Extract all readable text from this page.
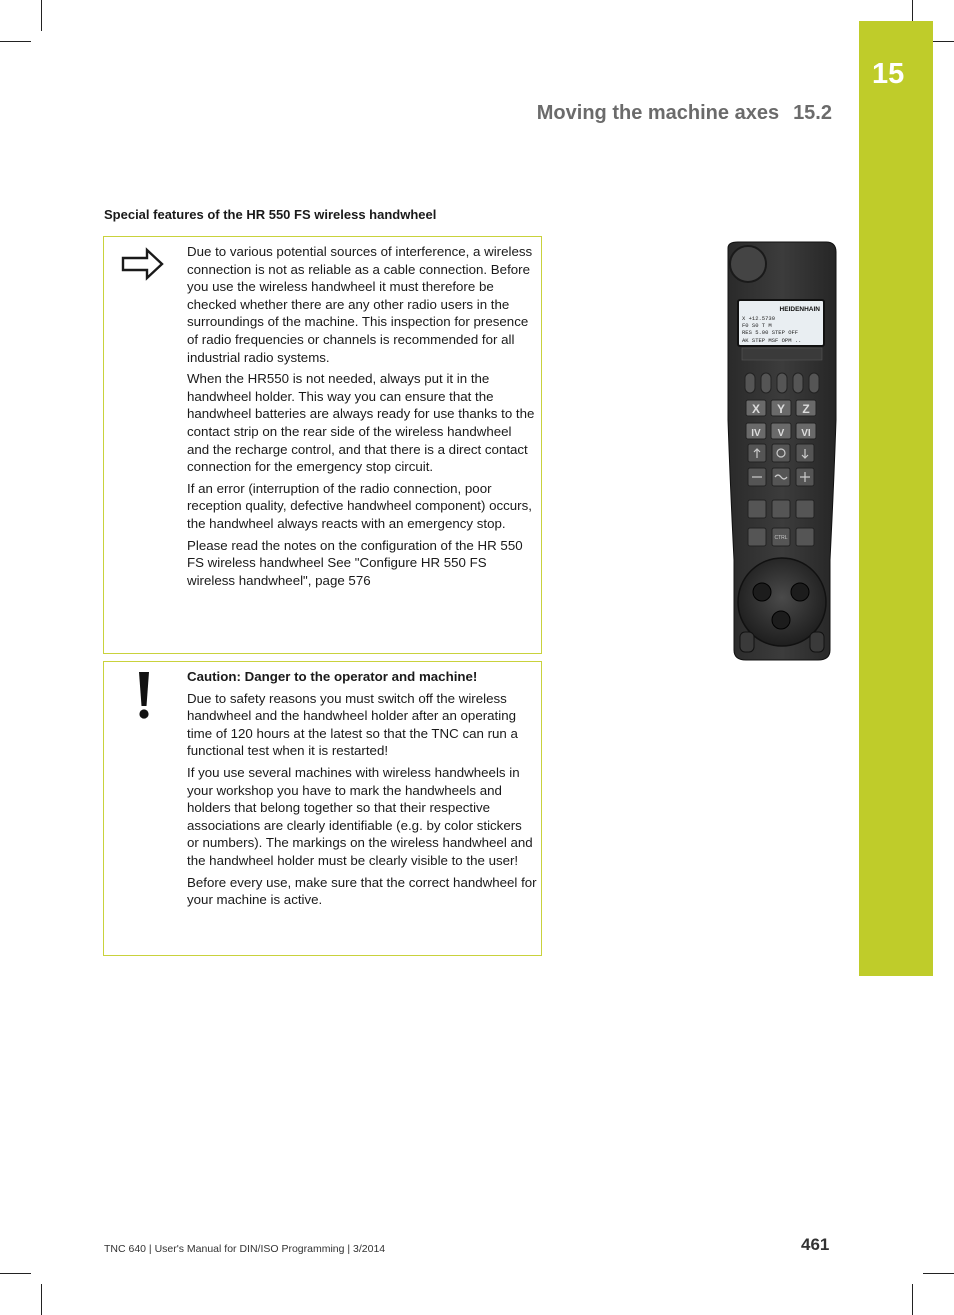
15
Moving the machine axes 15.2
Special features of the HR 550 FS wireless handwheel

Due to various potential sources of interference, a wireless connection is not as reliable as a cable connection. Before you use the wireless handwheel it must therefore be checked whether there are any other radio users in the surroundings of the machine. This inspection for presence of radio frequencies or channels is recommended for all industrial radio systems.

When the HR550 is not needed, always put it in the handwheel holder. This way you can ensure that the handwheel batteries are always ready for use thanks to the contact strip on the rear side of the wireless handwheel and the recharge control, and that there is a direct contact connection for the emergency stop circuit.

If an error (interruption of the radio connection, poor reception quality, defective handwheel component) occurs, the handwheel always reacts with an emergency stop.

Please read the notes on the configuration of the HR 550 FS wireless handwheel See "Configure HR 550 FS wireless handwheel", page 576

Caution: Danger to the operator and machine!

Due to safety reasons you must switch off the wireless handwheel and the handwheel holder after an operating time of 120 hours at the latest so that the TNC can run a functional test when it is restarted!

If you use several machines with wireless handwheels in your workshop you have to mark the handwheels and holders that belong together so that their respective associations are clearly identifiable (e.g. by color stickers or numbers). The markings on the wireless handwheel and the handwheel holder must be clearly visible to the user!

Before every use, make sure that the correct handwheel for your machine is active.

HEIDENHAIN
X +12.5730
F0 S0 T M
RES 5.00 STEP OFF
AK STEP MSF OPM ..
X Y Z
IV V VI
CTRL
TNC 640 | User's Manual for DIN/ISO Programming | 3/2014	461
